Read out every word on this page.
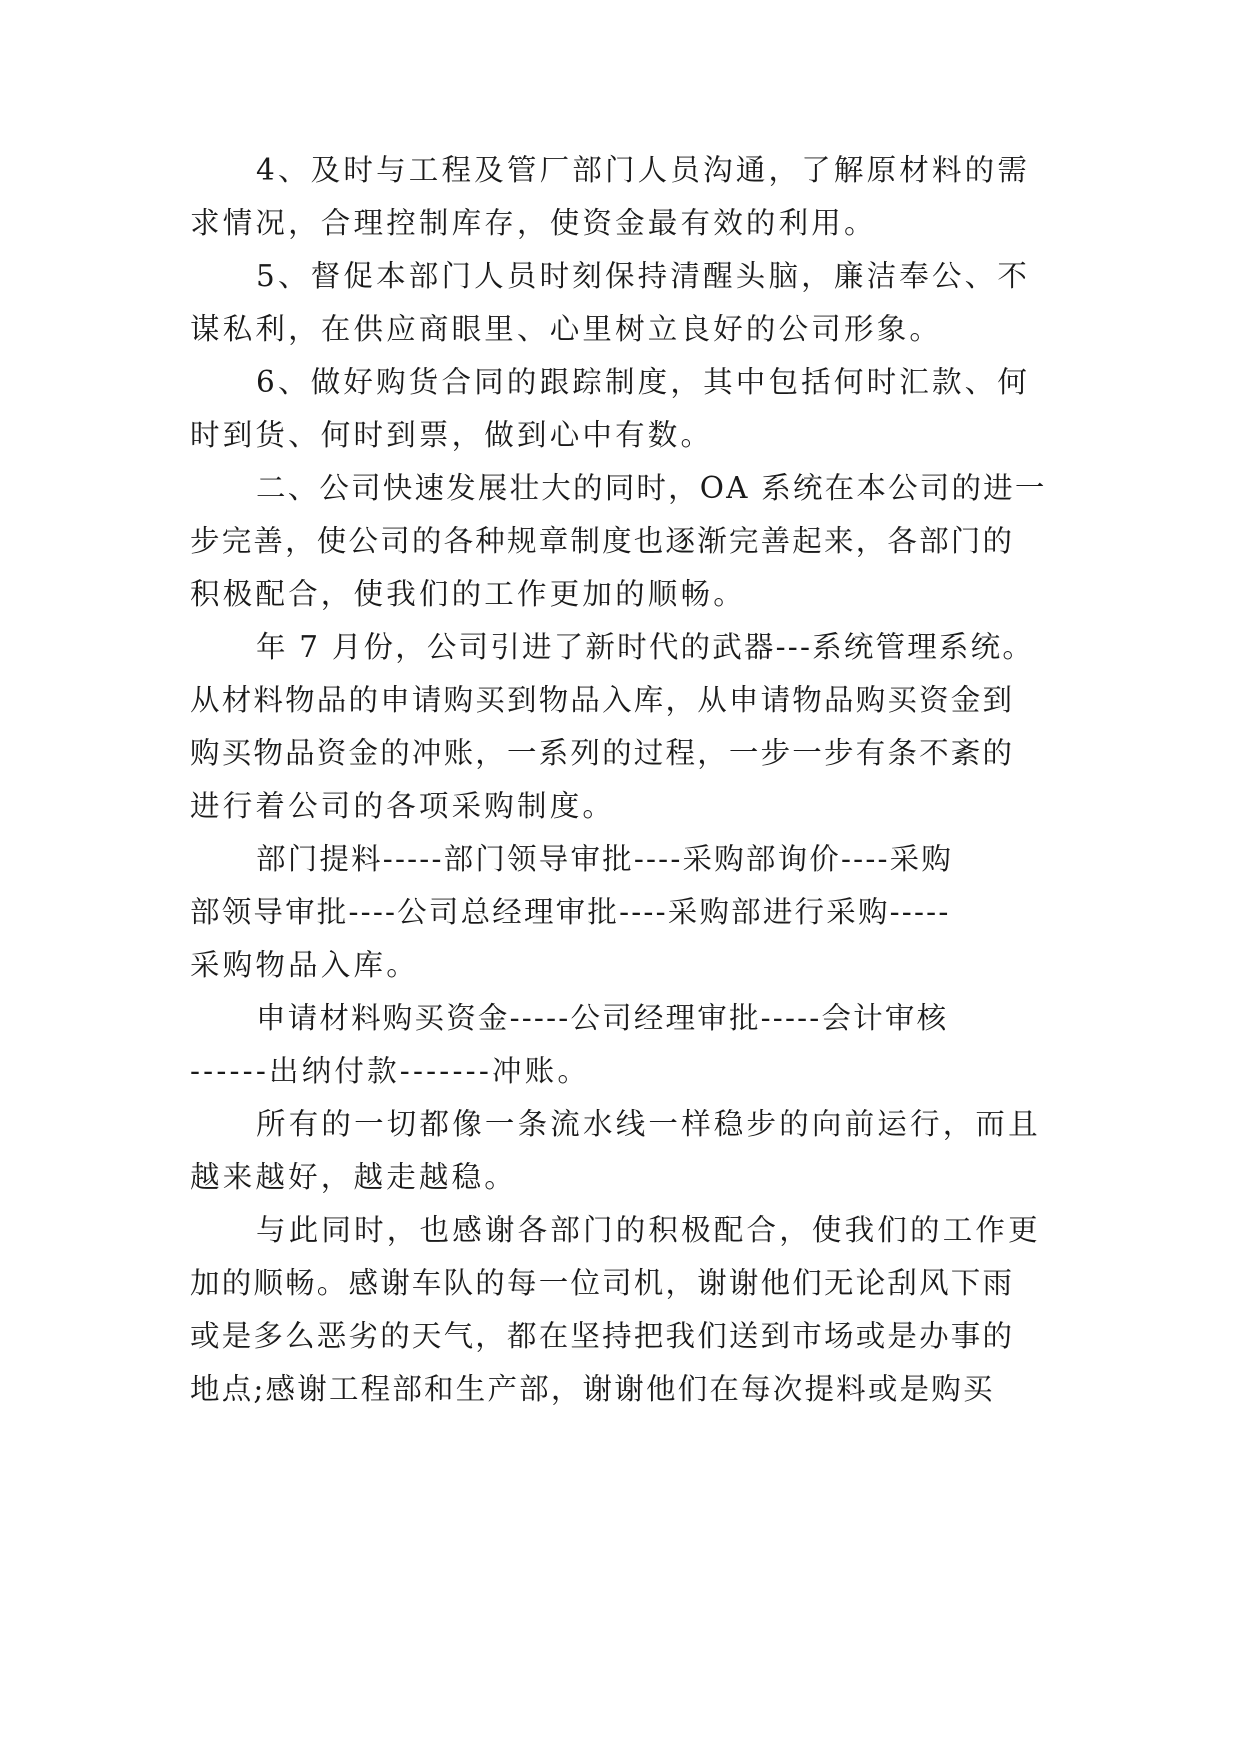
4、及时与工程及管厂部门人员沟通，了解原材料的需
求情况，合理控制库存，使资金最有效的利用。
5、督促本部门人员时刻保持清醒头脑，廉洁奉公、不
谋私利，在供应商眼里、心里树立良好的公司形象。
6、做好购货合同的跟踪制度，其中包括何时汇款、何
时到货、何时到票，做到心中有数。
二、公司快速发展壮大的同时，OA 系统在本公司的进一
步完善，使公司的各种规章制度也逐渐完善起来，各部门的
积极配合，使我们的工作更加的顺畅。
年 7 月份，公司引进了新时代的武器---系统管理系统。
从材料物品的申请购买到物品入库，从申请物品购买资金到
购买物品资金的冲账，一系列的过程，一步一步有条不紊的
进行着公司的各项采购制度。
部门提料-----部门领导审批----采购部询价----采购
部领导审批----公司总经理审批----采购部进行采购-----
采购物品入库。
申请材料购买资金-----公司经理审批-----会计审核
------出纳付款-------冲账。
所有的一切都像一条流水线一样稳步的向前运行，而且
越来越好，越走越稳。
与此同时，也感谢各部门的积极配合，使我们的工作更
加的顺畅。感谢车队的每一位司机，谢谢他们无论刮风下雨
或是多么恶劣的天气，都在坚持把我们送到市场或是办事的
地点;感谢工程部和生产部，谢谢他们在每次提料或是购买
